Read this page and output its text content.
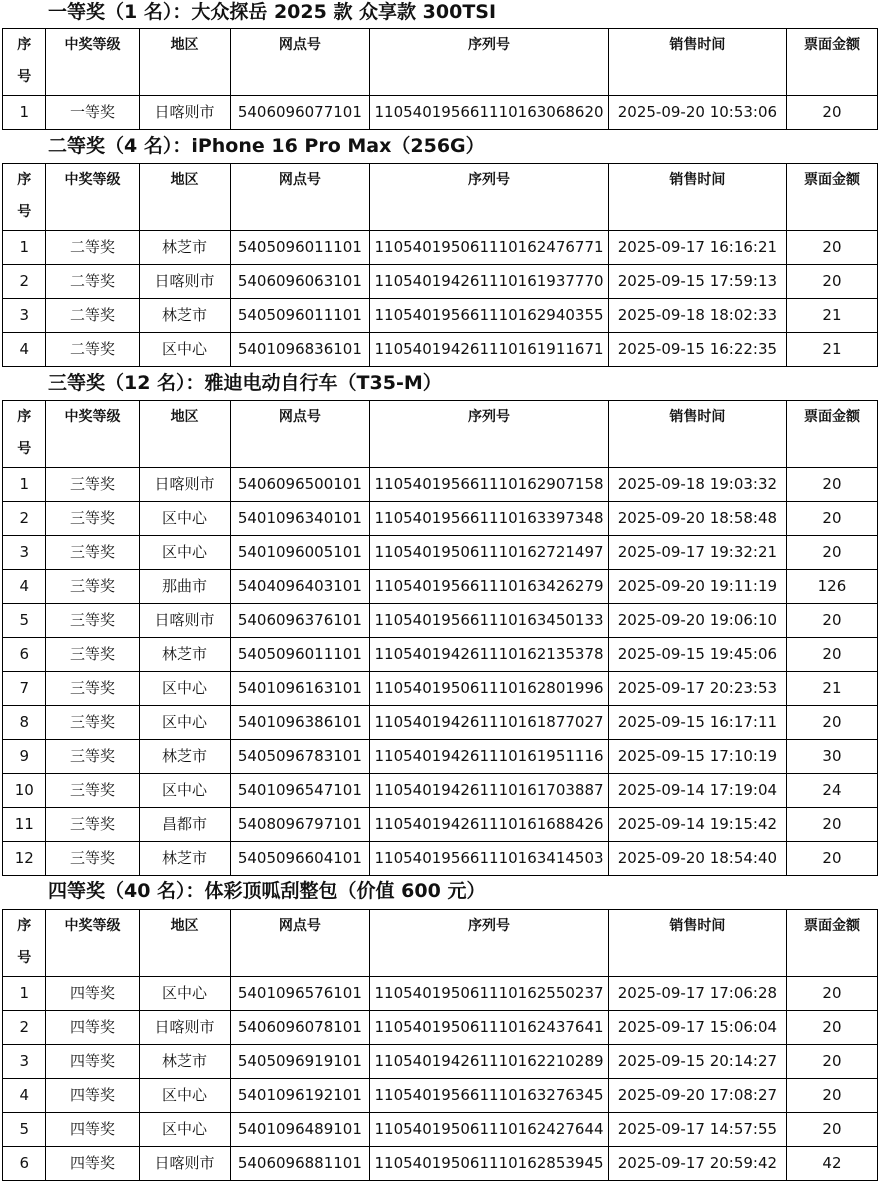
一等奖（1 名）：大众探岳 2025 款 众享款 300TSI
序
号	中奖等级	地区	网点号	序列号	销售时间	票面金额
1	一等奖	日喀则市	5406096077101	110540195661110163068620	2025-09-20 10:53:06	20
二等奖（4 名）：iPhone 16 Pro Max（256G）
序
号	中奖等级	地区	网点号	序列号	销售时间	票面金额
1	二等奖	林芝市	5405096011101	110540195061110162476771	2025-09-17 16:16:21	20
2	二等奖	日喀则市	5406096063101	110540194261110161937770	2025-09-15 17:59:13	20
3	二等奖	林芝市	5405096011101	110540195661110162940355	2025-09-18 18:02:33	21
4	二等奖	区中心	5401096836101	110540194261110161911671	2025-09-15 16:22:35	21
三等奖（12 名）：雅迪电动自行车（T35-M）
序
号	中奖等级	地区	网点号	序列号	销售时间	票面金额
1	三等奖	日喀则市	5406096500101	110540195661110162907158	2025-09-18 19:03:32	20
2	三等奖	区中心	5401096340101	110540195661110163397348	2025-09-20 18:58:48	20
3	三等奖	区中心	5401096005101	110540195061110162721497	2025-09-17 19:32:21	20
4	三等奖	那曲市	5404096403101	110540195661110163426279	2025-09-20 19:11:19	126
5	三等奖	日喀则市	5406096376101	110540195661110163450133	2025-09-20 19:06:10	20
6	三等奖	林芝市	5405096011101	110540194261110162135378	2025-09-15 19:45:06	20
7	三等奖	区中心	5401096163101	110540195061110162801996	2025-09-17 20:23:53	21
8	三等奖	区中心	5401096386101	110540194261110161877027	2025-09-15 16:17:11	20
9	三等奖	林芝市	5405096783101	110540194261110161951116	2025-09-15 17:10:19	30
10	三等奖	区中心	5401096547101	110540194261110161703887	2025-09-14 17:19:04	24
11	三等奖	昌都市	5408096797101	110540194261110161688426	2025-09-14 19:15:42	20
12	三等奖	林芝市	5405096604101	110540195661110163414503	2025-09-20 18:54:40	20
四等奖（40 名）：体彩顶呱刮整包（价值 600 元）
序
号	中奖等级	地区	网点号	序列号	销售时间	票面金额
1	四等奖	区中心	5401096576101	110540195061110162550237	2025-09-17 17:06:28	20
2	四等奖	日喀则市	5406096078101	110540195061110162437641	2025-09-17 15:06:04	20
3	四等奖	林芝市	5405096919101	110540194261110162210289	2025-09-15 20:14:27	20
4	四等奖	区中心	5401096192101	110540195661110163276345	2025-09-20 17:08:27	20
5	四等奖	区中心	5401096489101	110540195061110162427644	2025-09-17 14:57:55	20
6	四等奖	日喀则市	5406096881101	110540195061110162853945	2025-09-17 20:59:42	42
